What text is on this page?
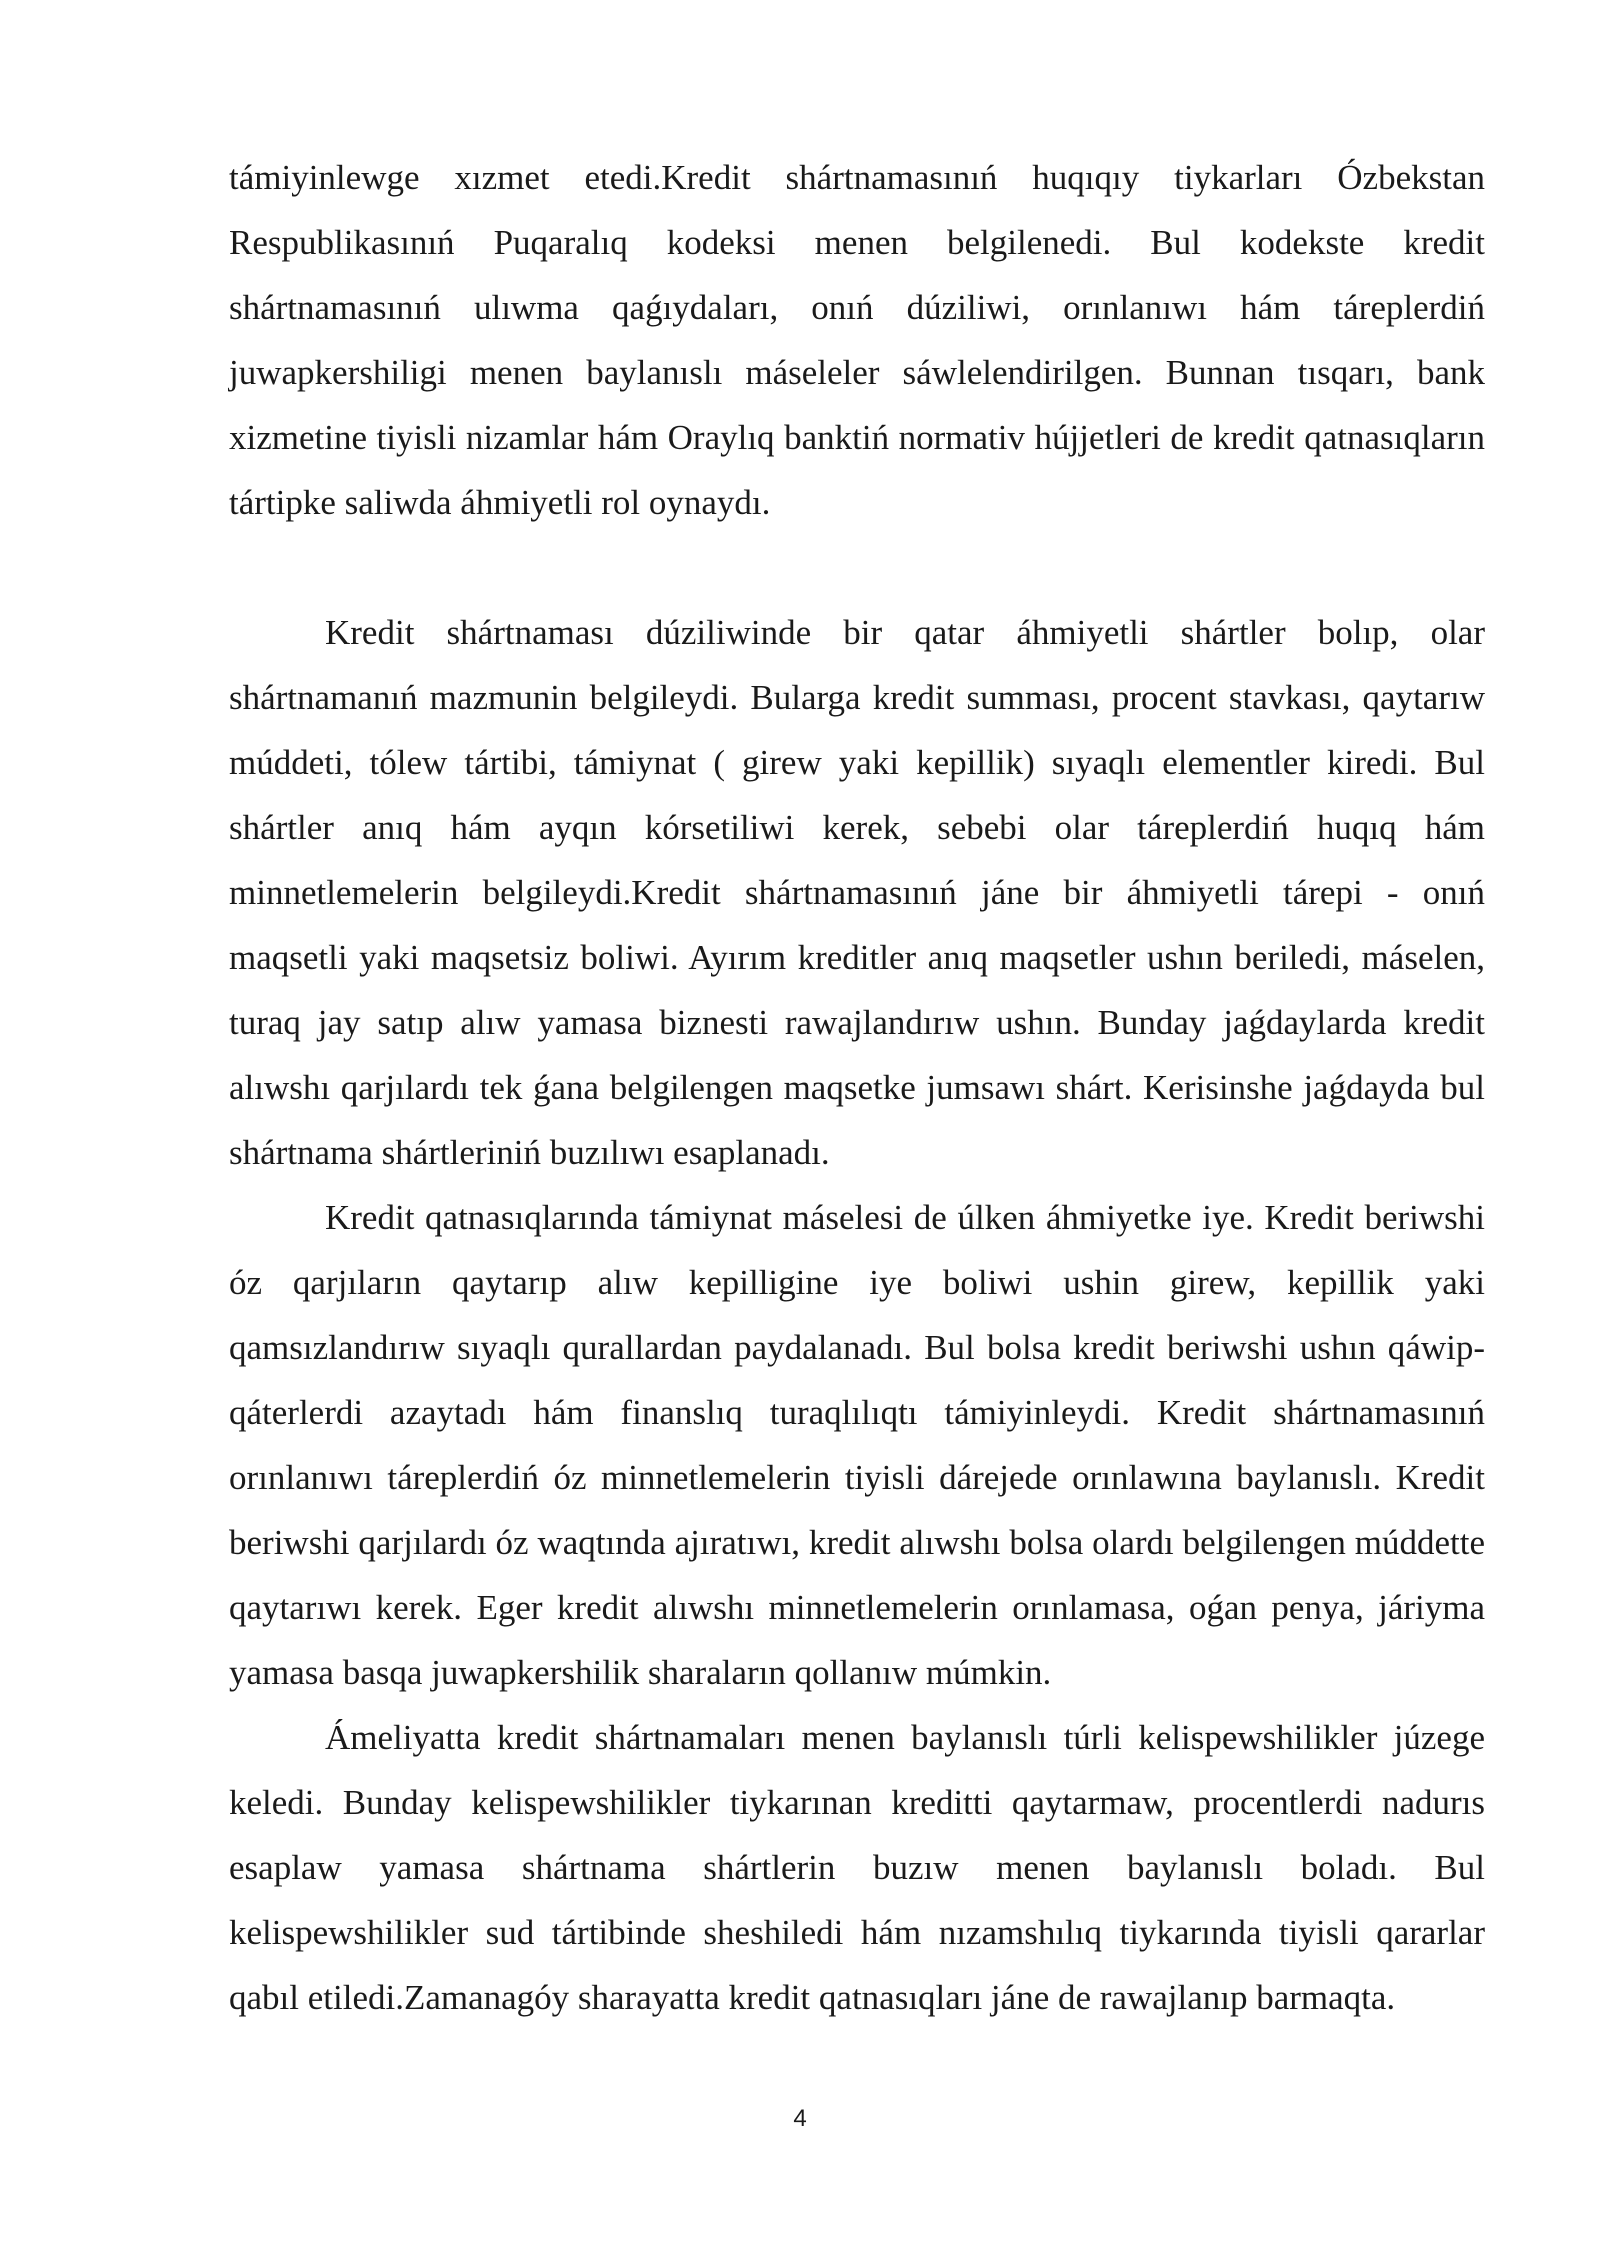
támiyinlewge xızmet etedi.Kredit shártnamasınıń huqıqıy tiykarları Ózbekstan Respublikasınıń Puqaralıq kodeksi menen belgilenedi. Bul kodekste kredit shártnamasınıń ulıwma qaǵıydaları, onıń dúziliwi, orınlanıwı hám táreplerdiń juwapkershiligi menen baylanıslı máseleler sáwlelendirilgen. Bunnan tısqarı, bank xizmetine tiyisli nizamlar hám Oraylıq banktiń normativ hújjetleri de kredit qatnasıqların tártipke saliwda áhmiyetli rol oynaydı.

Kredit shártnaması dúziliwinde bir qatar áhmiyetli shártler bolıp, olar shártnamanıń mazmunin belgileydi. Bularga kredit summası, procent stavkası, qaytarıw múddeti, tólew tártibi, támiynat ( girew yaki kepillik) sıyaqlı elementler kiredi. Bul shártler anıq hám ayqın kórsetiliwi kerek, sebebi olar táreplerdiń huqıq hám minnetlemelerin belgileydi.Kredit shártnamasınıń jáne bir áhmiyetli tárepi - onıń maqsetli yaki maqsetsiz boliwi. Ayırım kreditler anıq maqsetler ushın beriledi, máselen, turaq jay satıp alıw yamasa biznesti rawajlandırıw ushın. Bunday jaǵdaylarda kredit alıwshı qarjılardı tek ǵana belgilengen maqsetke jumsawı shárt. Kerisinshe jaǵdayda bul shártnama shártleriniń buzılıwı esaplanadı.

Kredit qatnasıqlarında támiynat máselesi de úlken áhmiyetke iye. Kredit beriwshi óz qarjıların qaytarıp alıw kepilligine iye boliwi ushin girew, kepillik yaki qamsızlandırıw sıyaqlı qurallardan paydalanadı. Bul bolsa kredit beriwshi ushın qáwip-qáterlerdi azaytadı hám finanslıq turaqlılıqtı támiyinleydi. Kredit shártnamasınıń orınlanıwı táreplerdiń óz minnetlemelerin tiyisli dárejede orınlawına baylanıslı. Kredit beriwshi qarjılardı óz waqtında ajıratıwı, kredit alıwshı bolsa olardı belgilengen múddette qaytarıwı kerek. Eger kredit alıwshı minnetlemelerin orınlamasa, oǵan penya, járiyma yamasa basqa juwapkershilik sharaların qollanıw múmkin.

Ámeliyatta kredit shártnamaları menen baylanıslı túrli kelispewshilikler júzege keledi. Bunday kelispewshilikler tiykarınan kreditti qaytarmaw, procentlerdi nadurıs esaplaw yamasa shártnama shártlerin buzıw menen baylanıslı boladı. Bul kelispewshilikler sud tártibinde sheshiledi hám nızamshılıq tiykarında tiyisli qararlar qabıl etiledi.Zamanagóy sharayatta kredit qatnasıqları jáne de rawajlanıp barmaqta.

4
